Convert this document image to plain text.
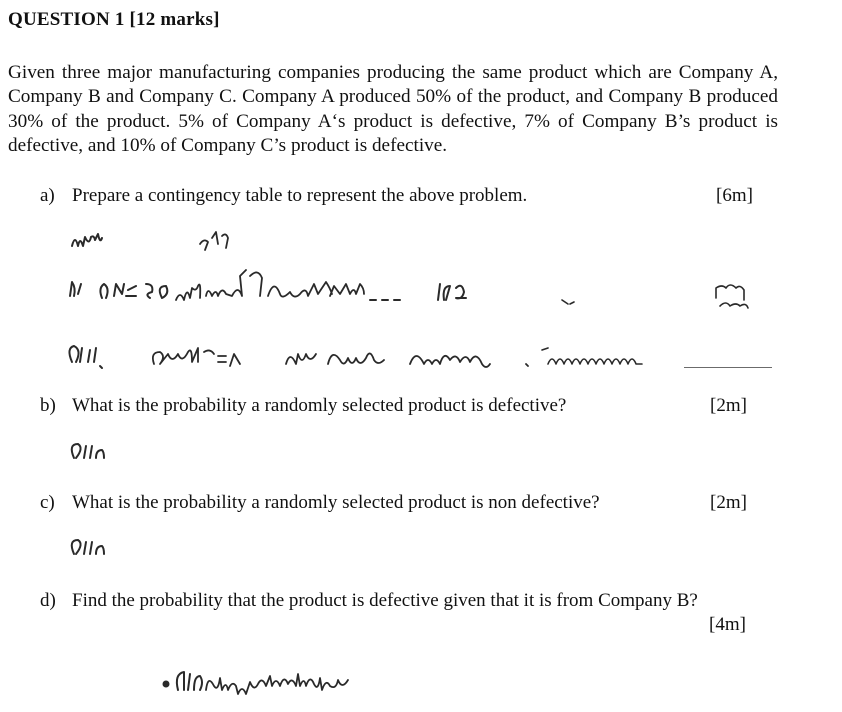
QUESTION 1 [12 marks]
Given three major manufacturing companies producing the same product which are Company A, Company B and Company C. Company A produced 50% of the product, and Company B produced 30% of the product. 5% of Company A‘s product is defective, 7% of Company B’s product is defective, and 10% of Company C’s product is defective.
a) Prepare a contingency table to represent the above problem.	[6m]
b) What is the probability a randomly selected product is defective?	[2m]
c) What is the probability a randomly selected product is non defective?	[2m]
d) Find the probability that the product is defective given that it is from Company B?
[4m]
